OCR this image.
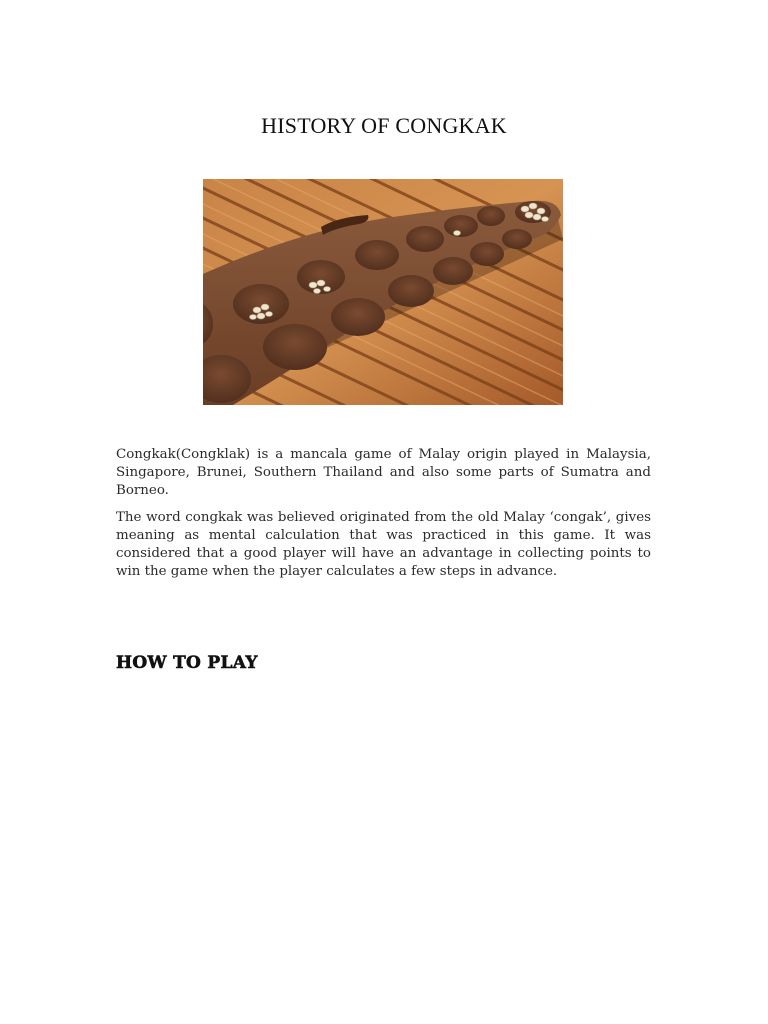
HISTORY OF CONGKAK

Congkak(Congklak) is a mancala game of Malay origin played in Malaysia, Singapore, Brunei, Southern Thailand and also some parts of Sumatra and Borneo.

The word congkak was believed originated from the old Malay ‘congak’, gives meaning as mental calculation that was practiced in this game. It was considered that a good player will have an advantage in collecting points to win the game when the player calculates a few steps in advance.

HOW TO PLAY
